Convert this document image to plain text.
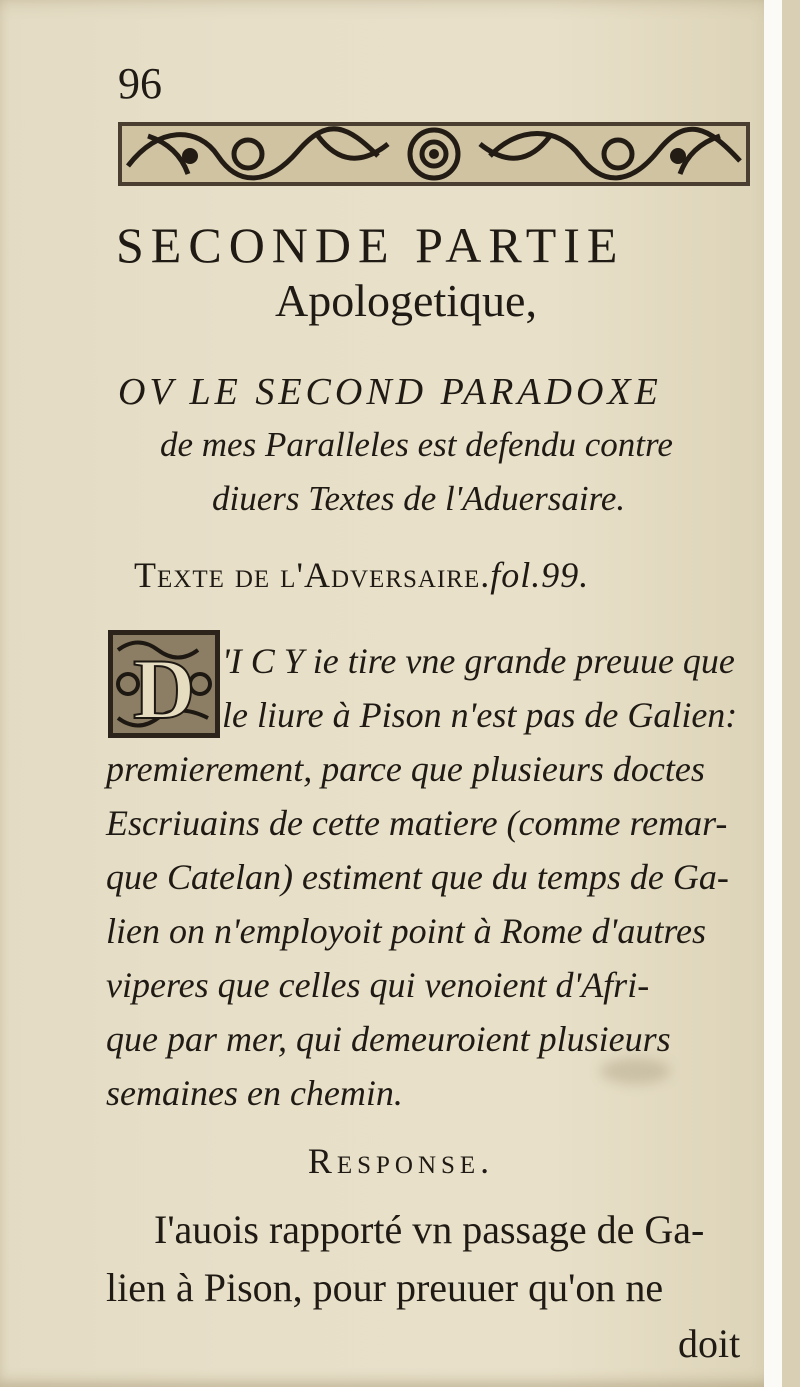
96
SECONDE PARTIE
Apologetique,
OV LE SECOND PARADOXE
de mes Paralleles est defendu contre
diuers Textes de l'Aduersaire.
Texte de l'Adversaire.fol.99.
D 'I C Y ie tire vne grande preuue que
le liure à Pison n'est pas de Galien:
premierement, parce que plusieurs doctes
Escriuains de cette matiere (comme remar-
que Catelan) estiment que du temps de Ga-
lien on n'employoit point à Rome d'autres
viperes que celles qui venoient d'Afri-
que par mer, qui demeuroient plusieurs
semaines en chemin.
Response.
I'auois rapporté vn passage de Ga-
lien à Pison, pour preuuer qu'on ne
doit
